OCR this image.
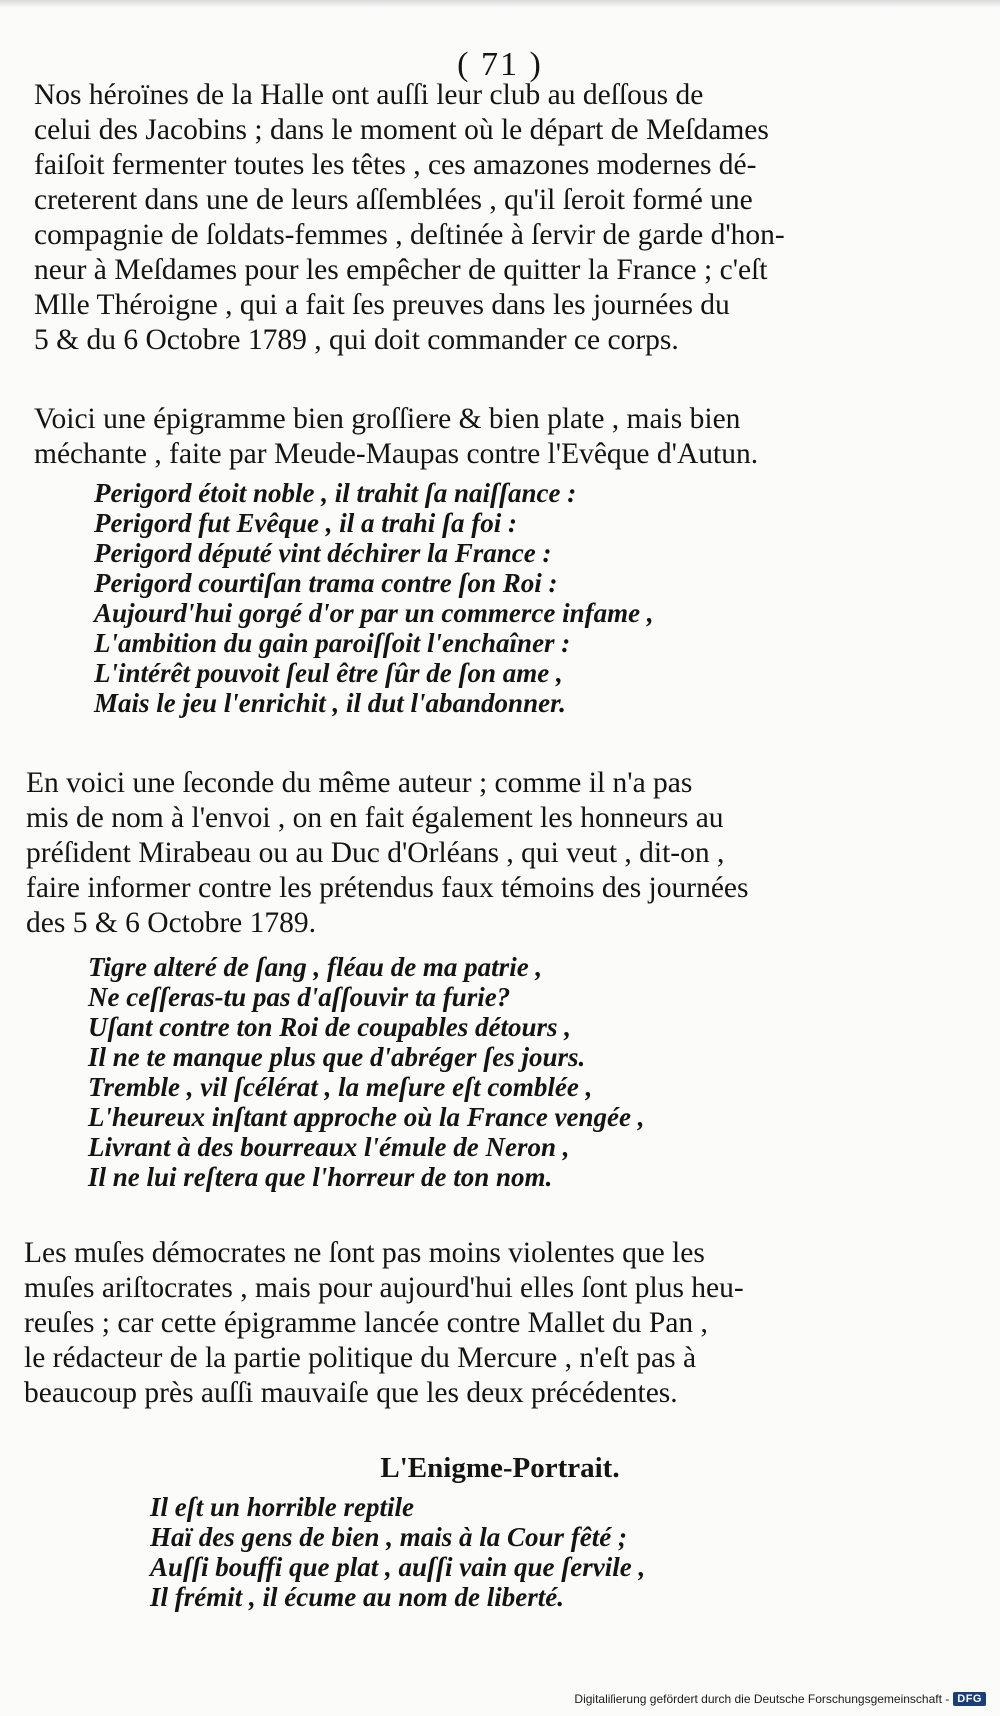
( 71 )
Nos héroïnes de la Halle ont auſſi leur club au deſſous de
celui des Jacobins ; dans le moment où le départ de Meſdames
faiſoit fermenter toutes les têtes , ces amazones modernes dé-
creterent dans une de leurs aſſemblées , qu'il ſeroit formé une
compagnie de ſoldats-femmes , deſtinée à ſervir de garde d'hon-
neur à Meſdames pour les empêcher de quitter la France ; c'eſt
Mlle Théroigne , qui a fait ſes preuves dans les journées du
5 & du 6 Octobre 1789 , qui doit commander ce corps.
Voici une épigramme bien groſſiere & bien plate , mais bien
méchante , faite par Meude-Maupas contre l'Evêque d'Autun.
Perigord étoit noble , il trahit ſa naiſſance :
Perigord fut Evêque , il a trahi ſa foi :
Perigord député vint déchirer la France :
Perigord courtiſan trama contre ſon Roi :
Aujourd'hui gorgé d'or par un commerce infame ,
L'ambition du gain paroiſſoit l'enchaîner :
L'intérêt pouvoit ſeul être ſûr de ſon ame ,
Mais le jeu l'enrichit , il dut l'abandonner.
En voici une ſeconde du même auteur ; comme il n'a pas
mis de nom à l'envoi , on en fait également les honneurs au
préſident Mirabeau ou au Duc d'Orléans , qui veut , dit-on ,
faire informer contre les prétendus faux témoins des journées
des 5 & 6 Octobre 1789.
Tigre alteré de ſang , fléau de ma patrie ,
Ne ceſſeras-tu pas d'aſſouvir ta furie?
Uſant contre ton Roi de coupables détours ,
Il ne te manque plus que d'abréger ſes jours.
Tremble , vil ſcélérat , la meſure eſt comblée ,
L'heureux inſtant approche où la France vengée ,
Livrant à des bourreaux l'émule de Neron ,
Il ne lui reſtera que l'horreur de ton nom.
Les muſes démocrates ne ſont pas moins violentes que les
muſes ariſtocrates , mais pour aujourd'hui elles ſont plus heu-
reuſes ; car cette épigramme lancée contre Mallet du Pan ,
le rédacteur de la partie politique du Mercure , n'eſt pas à
beaucoup près auſſi mauvaiſe que les deux précédentes.
L'Enigme-Portrait.
Il eſt un horrible reptile
Haï des gens de bien , mais à la Cour fêté ;
Auſſi bouffi que plat , auſſi vain que ſervile ,
Il frémit , il écume au nom de liberté.
Digitaliſierung gefördert durch die Deutsche Forschungsgemeinschaft - DFG
